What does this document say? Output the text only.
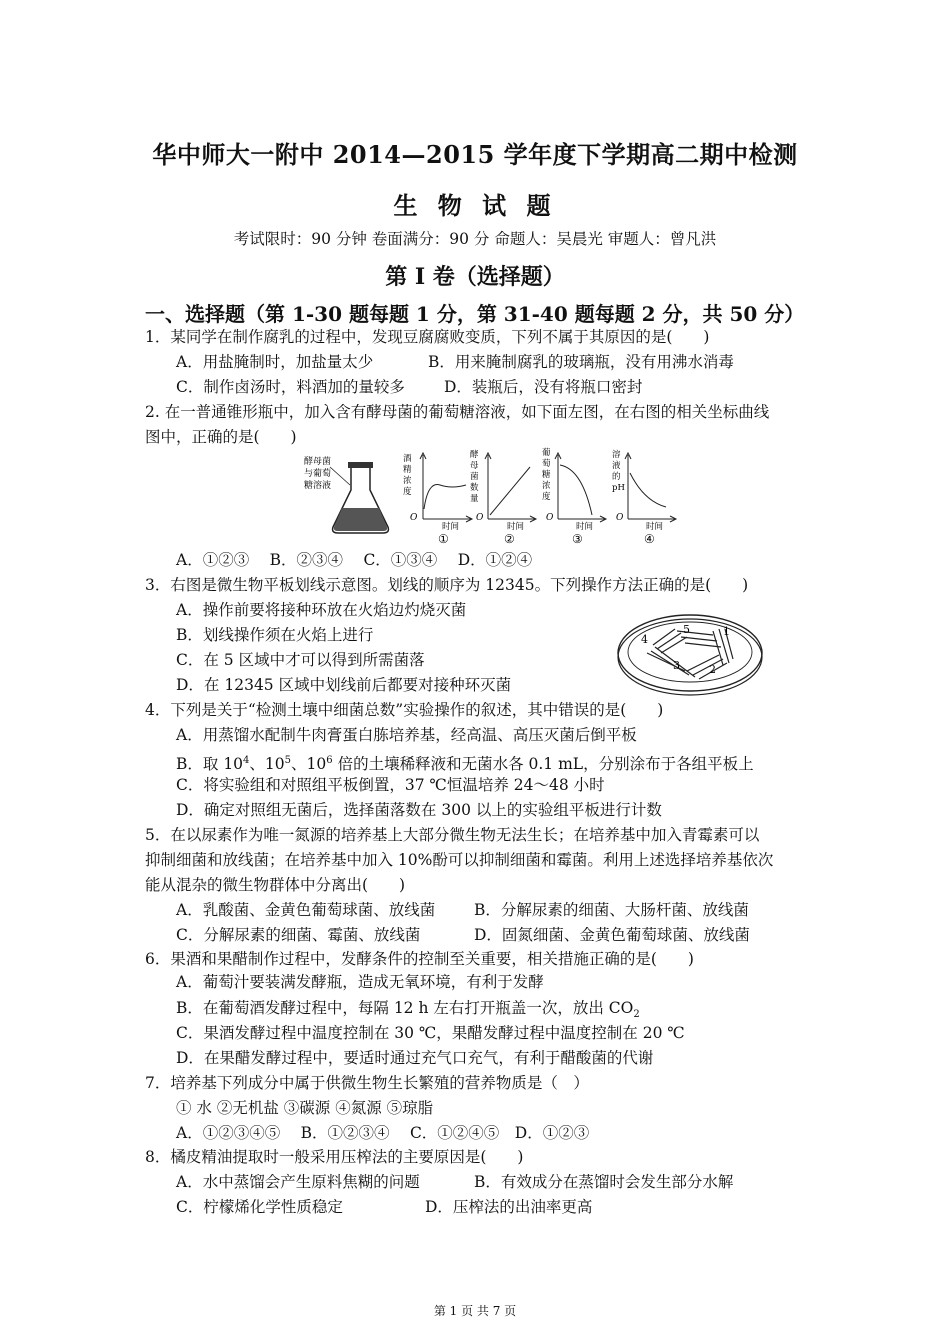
华中师大一附中 2014—2015 学年度下学期高二期中检测
生 物 试 题
考试限时：90 分钟 卷面满分：90 分 命题人：吴晨光 审题人：曾凡洪
第 Ⅰ 卷（选择题）
一、选择题（第 1-30 题每题 1 分，第 31-40 题每题 2 分，共 50 分）
1．某同学在制作腐乳的过程中，发现豆腐腐败变质，下列不属于其原因的是(　　)
A．用盐腌制时，加盐量太少	B．用来腌制腐乳的玻璃瓶，没有用沸水消毒
C．制作卤汤时，料酒加的量较多	D．装瓶后，没有将瓶口密封
2. 在一普通锥形瓶中，加入含有酵母菌的葡萄糖溶液，如下面左图，在右图的相关坐标曲线
图中，正确的是(　　)
酵母菌
与葡萄
糖溶液
O
酒
精
浓
度
时间
①
O
酵
母
菌
数
量
时间
②
O
葡
萄
糖
浓
度
时间
③
O
溶
液
的
pH
时间
④
A．①②③　 B．②③④　 C．①③④　 D．①②④
3．右图是微生物平板划线示意图。划线的顺序为 12345。下列操作方法正确的是(　　)
A．操作前要将接种环放在火焰边灼烧灭菌
B．划线操作须在火焰上进行
C．在 5 区域中才可以得到所需菌落
D．在 12345 区域中划线前后都要对接种环灭菌
1
2
3
4
5
4．下列是关于“检测土壤中细菌总数”实验操作的叙述，其中错误的是(　　)
A．用蒸馏水配制牛肉膏蛋白胨培养基，经高温、高压灭菌后倒平板
B．取 $10^4$、$10^5$、$10^6$ 倍的土壤稀释液和无菌水各 0.1 mL，分别涂布于各组平板上
C．将实验组和对照组平板倒置，37 ℃恒温培养 24～48 小时
D．确定对照组无菌后，选择菌落数在 300 以上的实验组平板进行计数
5．在以尿素作为唯一氮源的培养基上大部分微生物无法生长；在培养基中加入青霉素可以
抑制细菌和放线菌；在培养基中加入 10%酚可以抑制细菌和霉菌。利用上述选择培养基依次
能从混杂的微生物群体中分离出(　　)
A．乳酸菌、金黄色葡萄球菌、放线菌	B．分解尿素的细菌、大肠杆菌、放线菌
C．分解尿素的细菌、霉菌、放线菌	D．固氮细菌、金黄色葡萄球菌、放线菌
6．果酒和果醋制作过程中，发酵条件的控制至关重要，相关措施正确的是(　　)
A．葡萄汁要装满发酵瓶，造成无氧环境，有利于发酵
B．在葡萄酒发酵过程中，每隔 12 h 左右打开瓶盖一次，放出 $CO_2$
C．果酒发酵过程中温度控制在 30 ℃，果醋发酵过程中温度控制在 20 ℃
D．在果醋发酵过程中，要适时通过充气口充气，有利于醋酸菌的代谢
7．培养基下列成分中属于供微生物生长繁殖的营养物质是（　）
① 水 ②无机盐 ③碳源 ④氮源 ⑤琼脂
A．①②③④⑤　 B．①②③④　 C．①②④⑤　D．①②③
8．橘皮精油提取时一般采用压榨法的主要原因是(　　)
A．水中蒸馏会产生原料焦糊的问题	B．有效成分在蒸馏时会发生部分水解
C．柠檬烯化学性质稳定	D．压榨法的出油率更高
第 1 页 共 7 页
